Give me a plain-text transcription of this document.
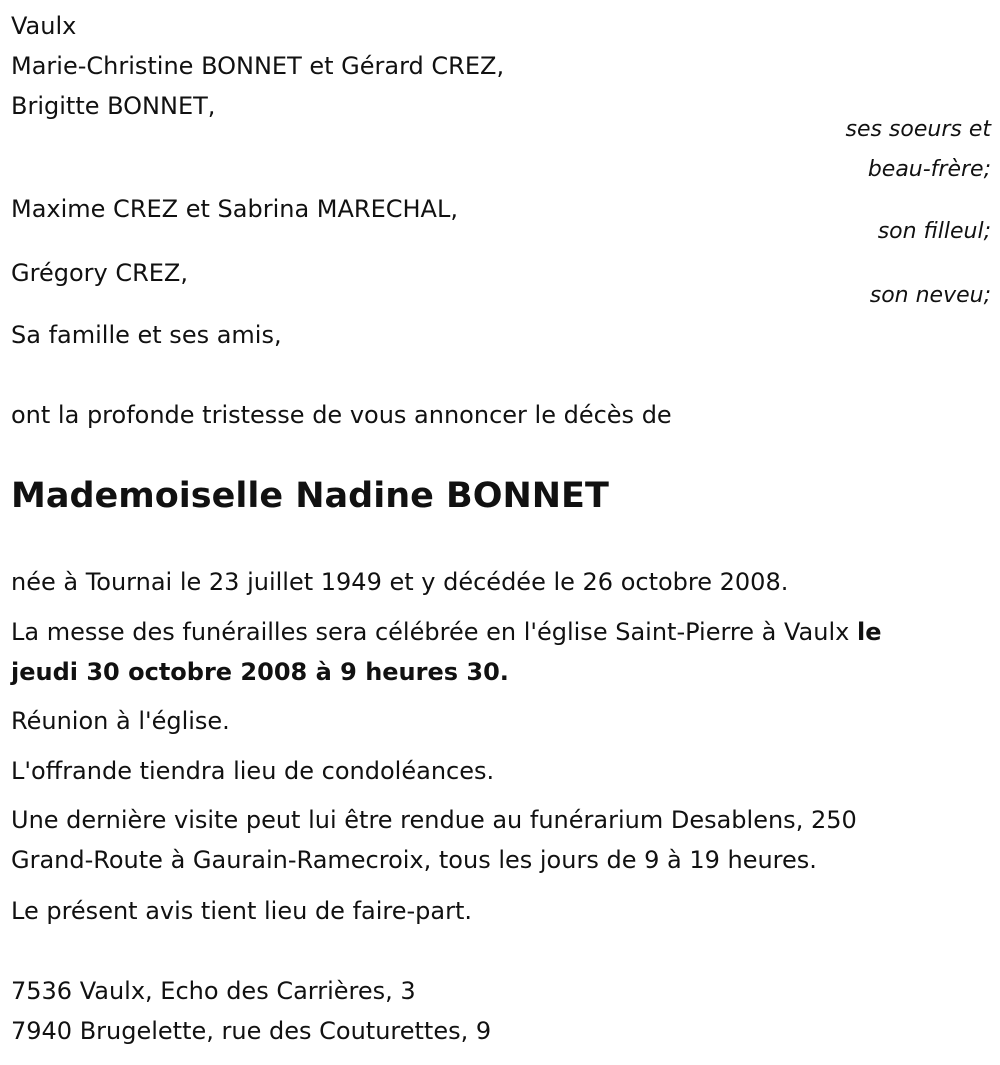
Vaulx
Marie-Christine BONNET et Gérard CREZ,
Brigitte BONNET,
ses soeurs et
beau-frère;
Maxime CREZ et Sabrina MARECHAL,
son filleul;
Grégory CREZ,
son neveu;
Sa famille et ses amis,
ont la profonde tristesse de vous annoncer le décès de
Mademoiselle Nadine BONNET
née à Tournai le 23 juillet 1949 et y décédée le 26 octobre 2008.
La messe des funérailles sera célébrée en l'église Saint-Pierre à Vaulx le
jeudi 30 octobre 2008 à 9 heures 30.
Réunion à l'église.
L'offrande tiendra lieu de condoléances.
Une dernière visite peut lui être rendue au funérarium Desablens, 250
Grand-Route à Gaurain-Ramecroix, tous les jours de 9 à 19 heures.
Le présent avis tient lieu de faire-part.
7536 Vaulx, Echo des Carrières, 3
7940 Brugelette, rue des Couturettes, 9
